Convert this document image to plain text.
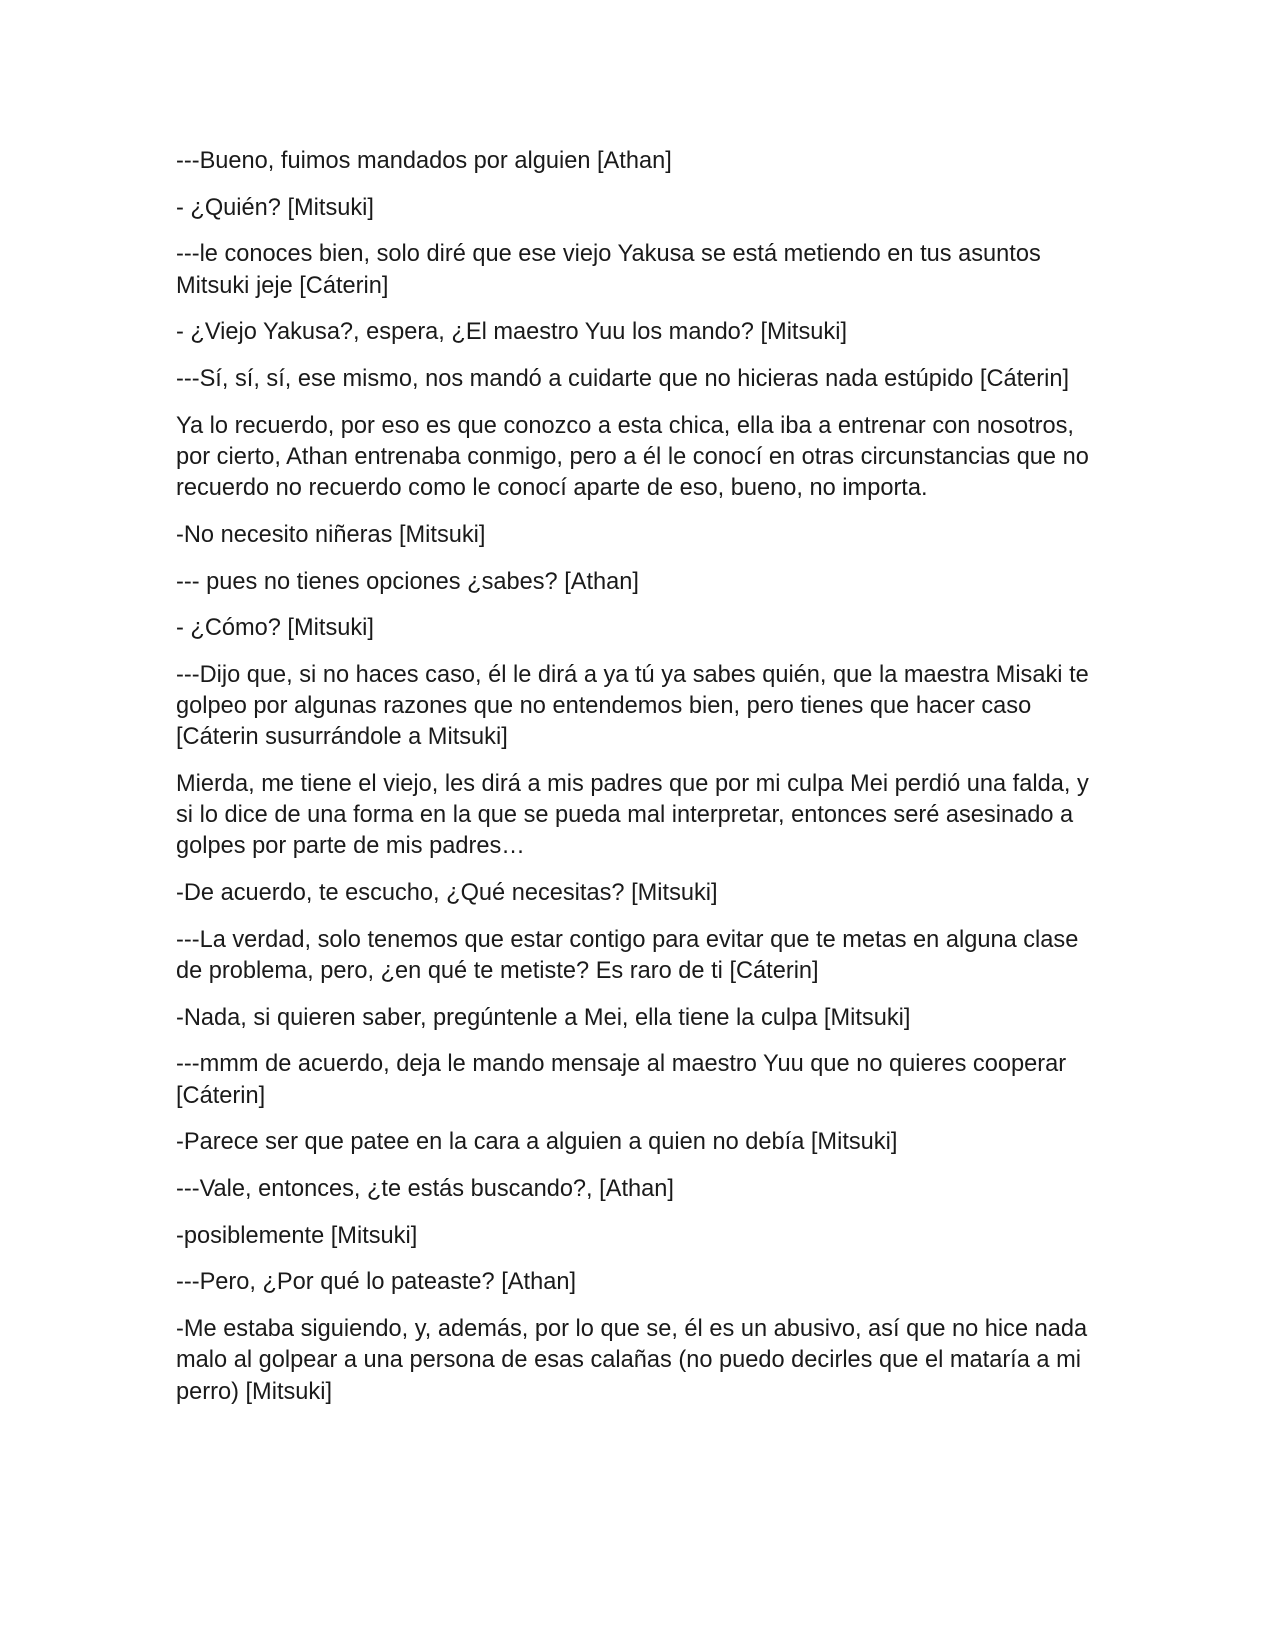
---Bueno, fuimos mandados por alguien [Athan]

- ¿Quién? [Mitsuki]

---le conoces bien, solo diré que ese viejo Yakusa se está metiendo en tus asuntos Mitsuki jeje [Cáterin]

- ¿Viejo Yakusa?, espera, ¿El maestro Yuu los mando? [Mitsuki]

---Sí, sí, sí, ese mismo, nos mandó a cuidarte que no hicieras nada estúpido [Cáterin]

Ya lo recuerdo, por eso es que conozco a esta chica, ella iba a entrenar con nosotros, por cierto, Athan entrenaba conmigo, pero a él le conocí en otras circunstancias que no recuerdo no recuerdo como le conocí aparte de eso, bueno, no importa.

-No necesito niñeras [Mitsuki]

--- pues no tienes opciones ¿sabes? [Athan]

- ¿Cómo? [Mitsuki]

---Dijo que, si no haces caso, él le dirá a ya tú ya sabes quién, que la maestra Misaki te golpeo por algunas razones que no entendemos bien, pero tienes que hacer caso [Cáterin susurrándole a Mitsuki]

Mierda, me tiene el viejo, les dirá a mis padres que por mi culpa Mei perdió una falda, y si lo dice de una forma en la que se pueda mal interpretar, entonces seré asesinado a golpes por parte de mis padres…

-De acuerdo, te escucho, ¿Qué necesitas? [Mitsuki]

---La verdad, solo tenemos que estar contigo para evitar que te metas en alguna clase de problema, pero, ¿en qué te metiste? Es raro de ti [Cáterin]

-Nada, si quieren saber, pregúntenle a Mei, ella tiene la culpa [Mitsuki]

---mmm de acuerdo, deja le mando mensaje al maestro Yuu que no quieres cooperar [Cáterin]

-Parece ser que patee en la cara a alguien a quien no debía [Mitsuki]

---Vale, entonces, ¿te estás buscando?, [Athan]

-posiblemente [Mitsuki]

---Pero, ¿Por qué lo pateaste? [Athan]

-Me estaba siguiendo, y, además, por lo que se, él es un abusivo, así que no hice nada malo al golpear a una persona de esas calañas (no puedo decirles que el mataría a mi perro) [Mitsuki]
